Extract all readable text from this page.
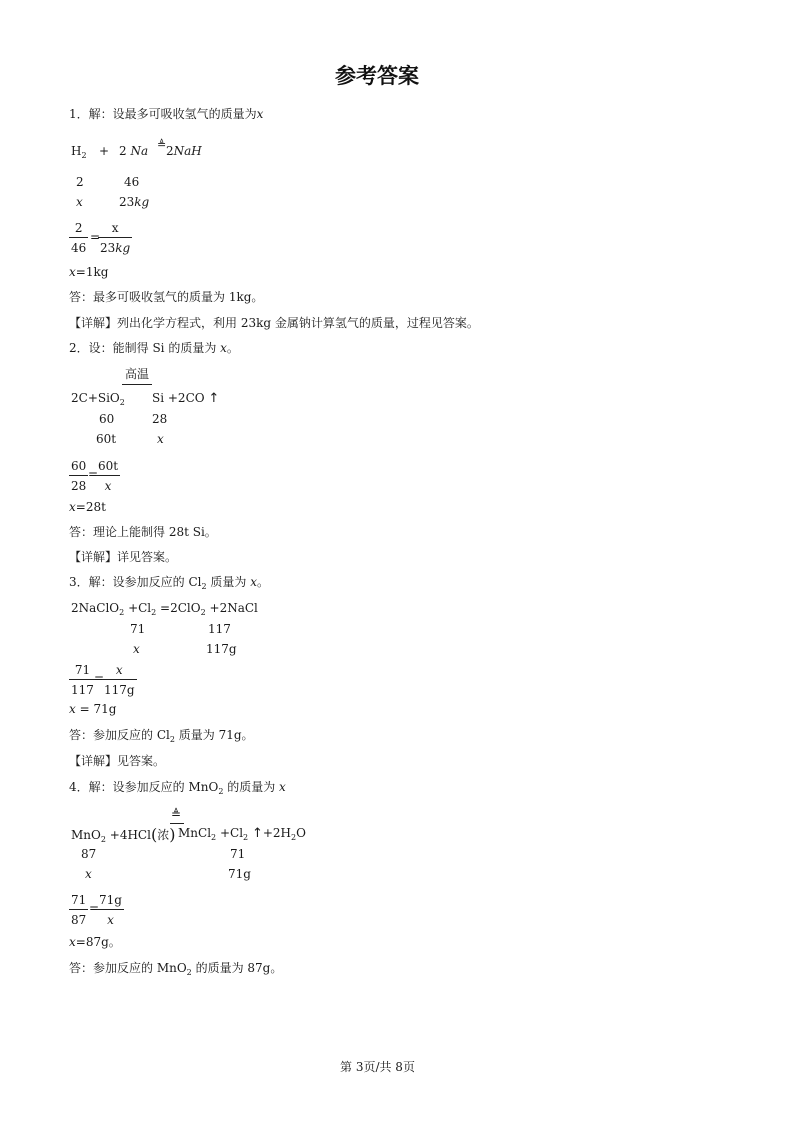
参考答案
1．解：设最多可吸收氢气的质量为x
$H_2 + 2$ Na ≜ 2NaH
2	46
x	23kg
$\frac{2}{46}$ =
$\frac{x}{23kg}$
x=1kg
答：最多可吸收氢气的质量为 1kg。
【详解】列出化学方程式，利用 23kg 金属钠计算氢气的质量，过程见答案。
2．设：能制得 Si 的质量为 x。
高温
2C+SiO$_2$ Si +2CO ↑
60	28
60t	x
$\frac{60}{28}$ =
$\frac{60t}{x}$
x=28t
答：理论上能制得 28t Si。
【详解】详见答案。
3．解：设参加反应的 $Cl_2$ 质量为 x。
2NaClO$_2$ $+Cl_2 =2ClO_2$ +2NaCl
71	117
x	117g
$\frac{71}{117}$
=
$\frac{x}{117g}$
x = 71g
答：参加反应的 $Cl_2$ 质量为 71g。
【详解】见答案。
4．解：设参加反应的 MnO$_2$ 的质量为 x
≜
MnO$_2$ +4HCl(浓) MnCl$_2$ $+Cl_2$ $↑+2H_2O$
87	71
x	71g
$\frac{71}{87}$ =
$\frac{71g}{x}$
x=87g。
答：参加反应的 MnO$_2$ 的质量为 87g。
第 3页/共 8页
